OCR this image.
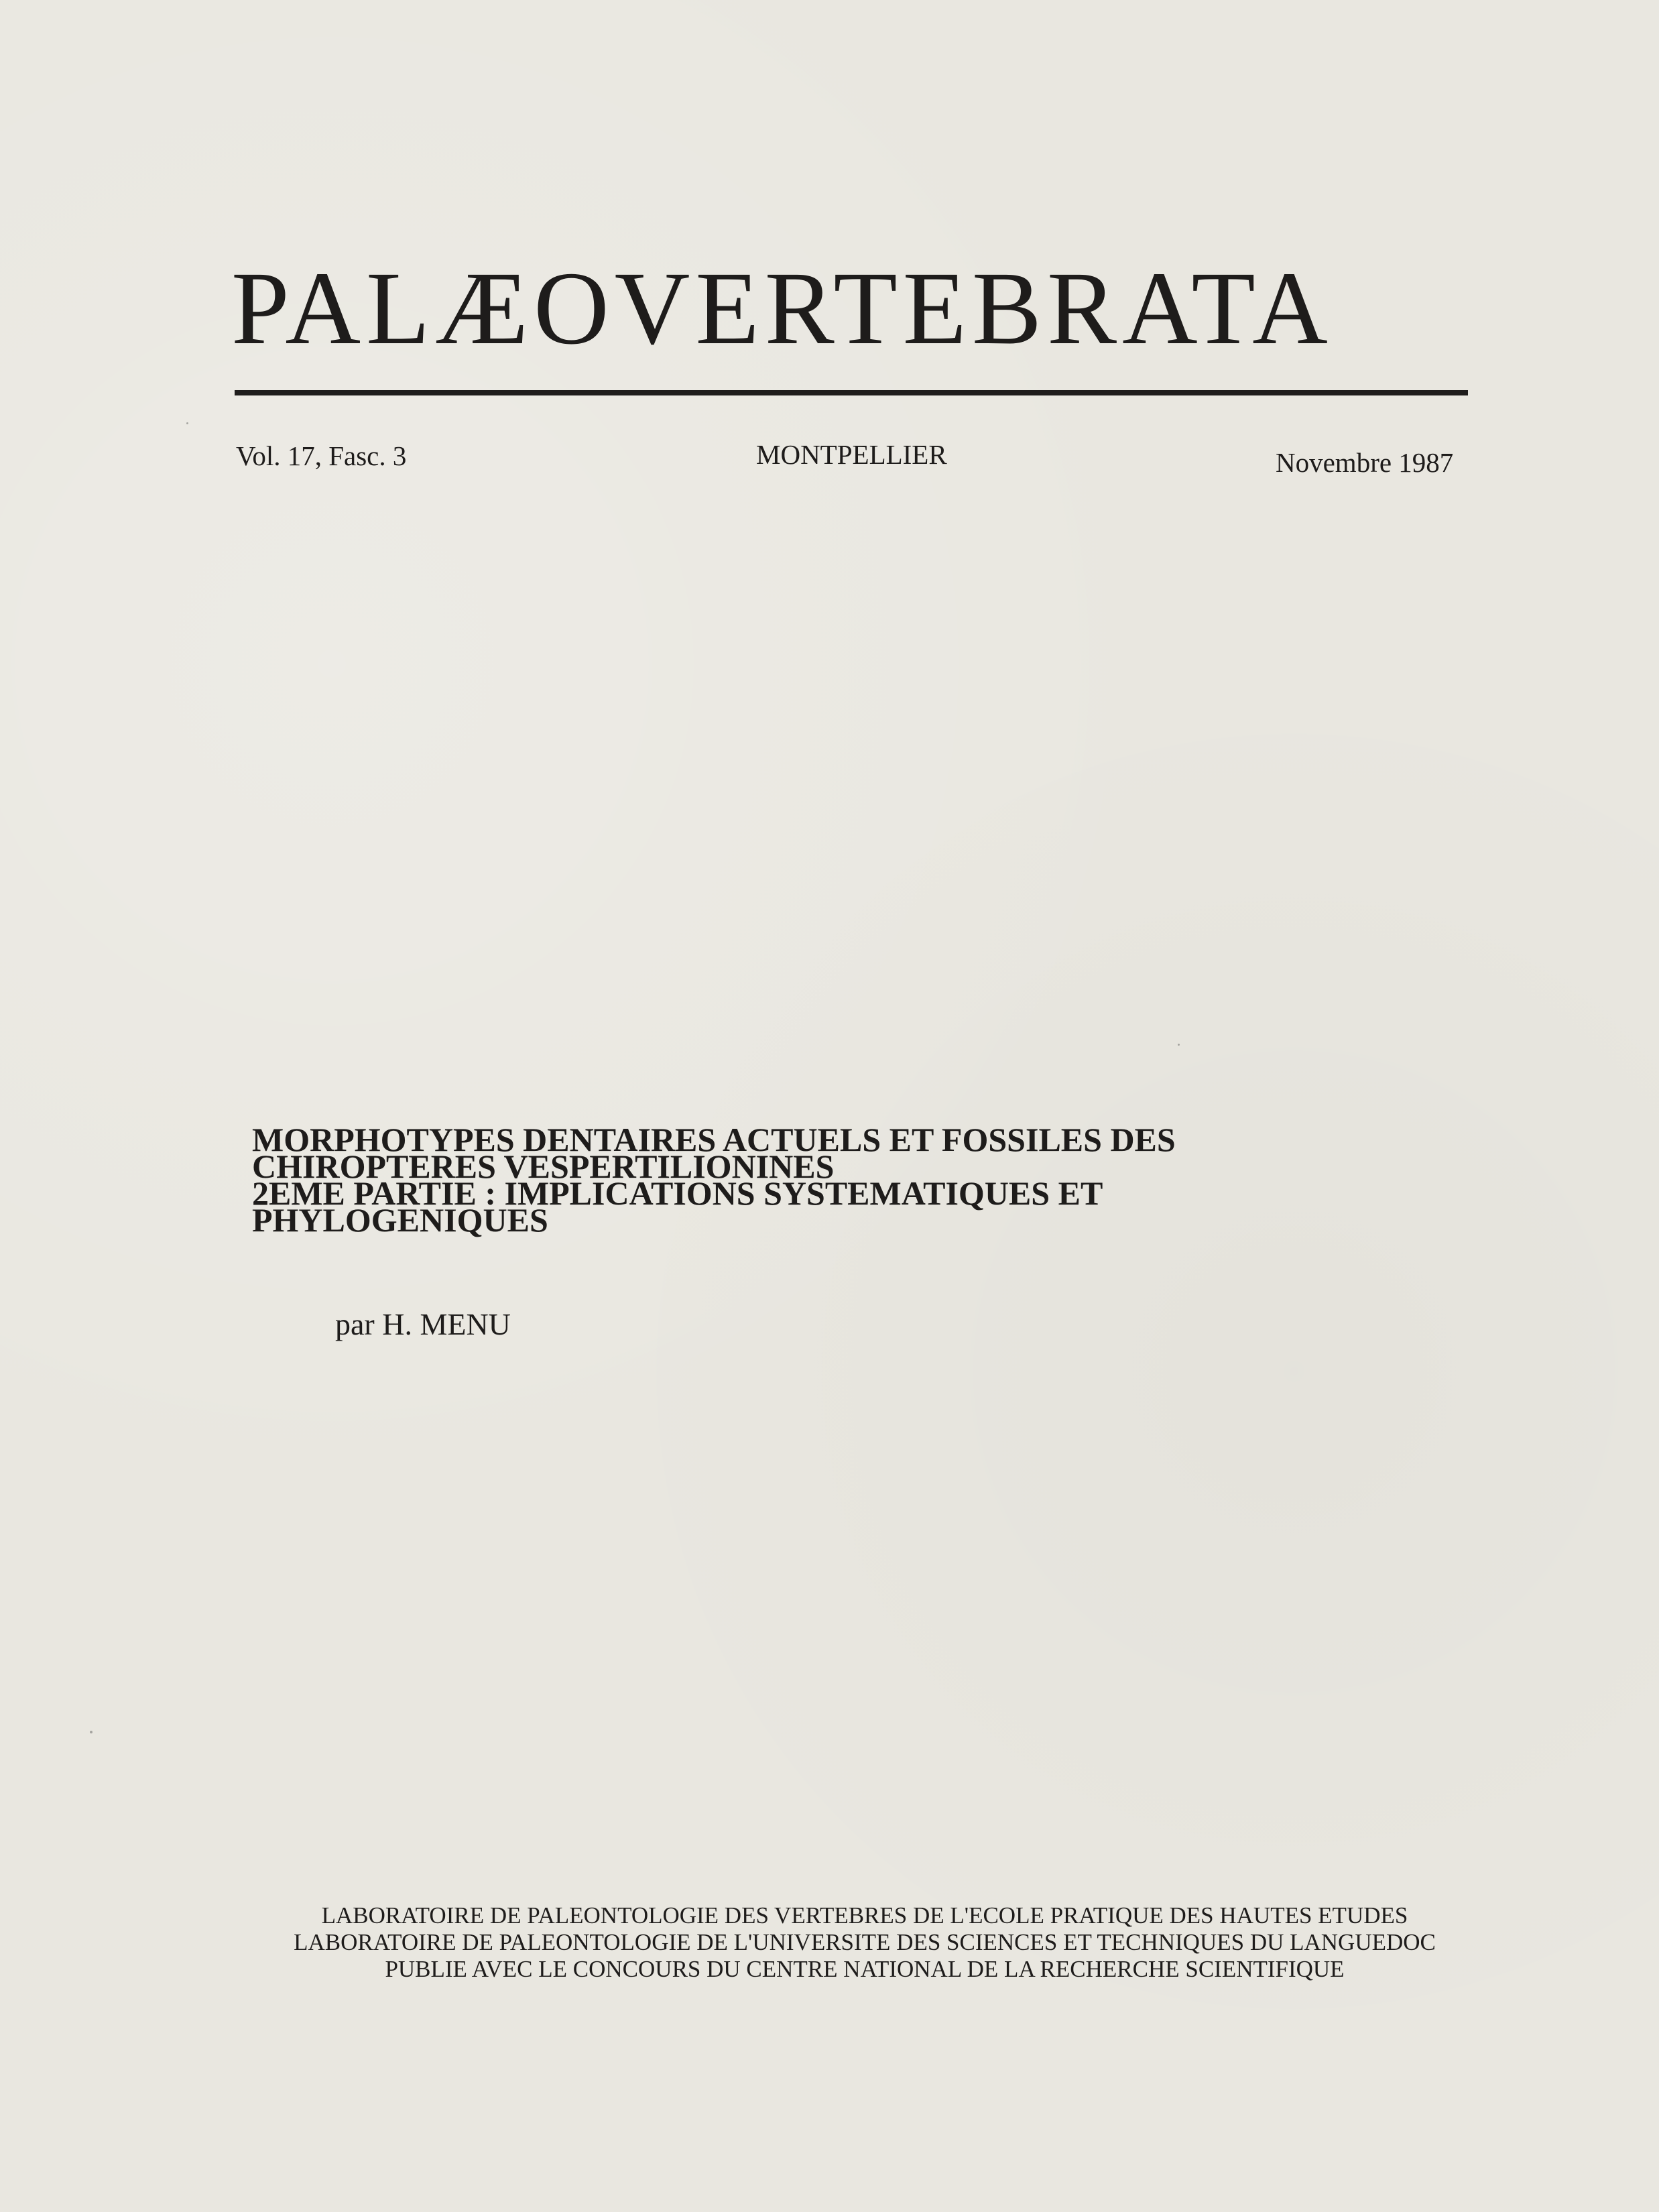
PALÆOVERTEBRATA
Vol. 17, Fasc. 3	MONTPELLIER	Novembre 1987
MORPHOTYPES DENTAIRES ACTUELS ET FOSSILES DES
CHIROPTERES VESPERTILIONINES
2EME PARTIE : IMPLICATIONS SYSTEMATIQUES ET
PHYLOGENIQUES
par H. MENU
LABORATOIRE DE PALEONTOLOGIE DES VERTEBRES DE L'ECOLE PRATIQUE DES HAUTES ETUDES
LABORATOIRE DE PALEONTOLOGIE DE L'UNIVERSITE DES SCIENCES ET TECHNIQUES DU LANGUEDOC
PUBLIE AVEC LE CONCOURS DU CENTRE NATIONAL DE LA RECHERCHE SCIENTIFIQUE
